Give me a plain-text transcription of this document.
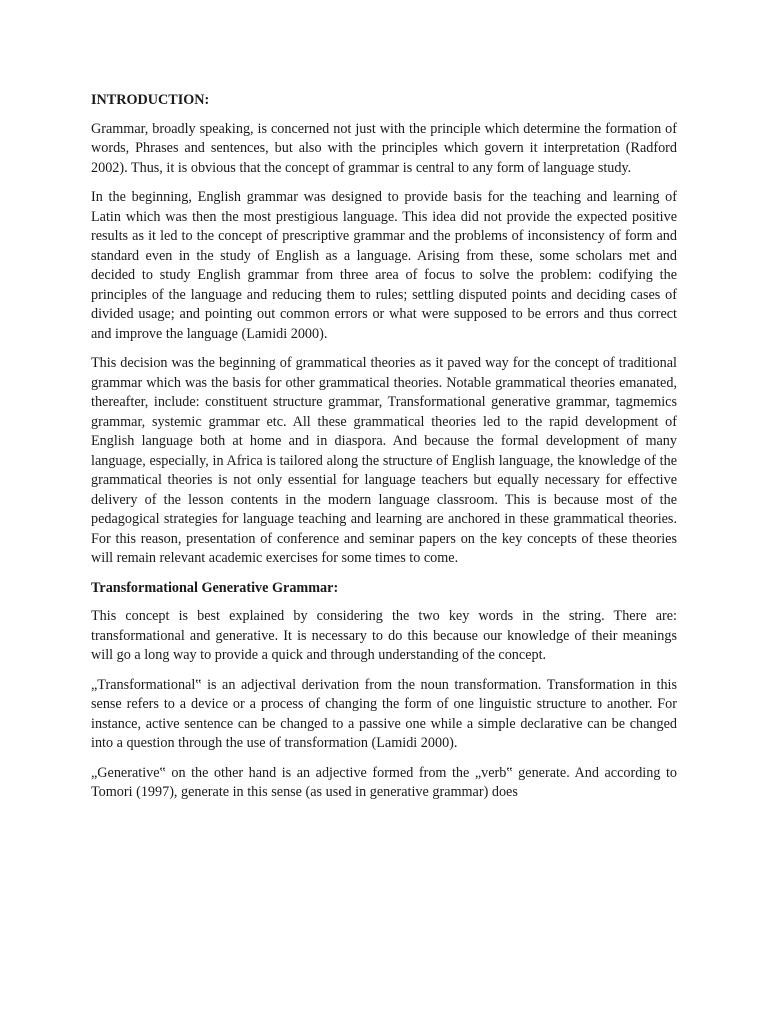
INTRODUCTION:

Grammar, broadly speaking, is concerned not just with the principle which determine the formation of words, Phrases and sentences, but also with the principles which govern it interpretation (Radford 2002). Thus, it is obvious that the concept of grammar is central to any form of language study.

In the beginning, English grammar was designed to provide basis for the teaching and learning of Latin which was then the most prestigious language. This idea did not provide the expected positive results as it led to the concept of prescriptive grammar and the problems of inconsistency of form and standard even in the study of English as a language. Arising from these, some scholars met and decided to study English grammar from three area of focus to solve the problem: codifying the principles of the language and reducing them to rules; settling disputed points and deciding cases of divided usage; and pointing out common errors or what were supposed to be errors and thus correct and improve the language (Lamidi 2000).

This decision was the beginning of grammatical theories as it paved way for the concept of traditional grammar which was the basis for other grammatical theories. Notable grammatical theories emanated, thereafter, include: constituent structure grammar, Transformational generative grammar, tagmemics grammar, systemic grammar etc. All these grammatical theories led to the rapid development of English language both at home and in diaspora. And because the formal development of many language, especially, in Africa is tailored along the structure of English language, the knowledge of the grammatical theories is not only essential for language teachers but equally necessary for effective delivery of the lesson contents in the modern language classroom. This is because most of the pedagogical strategies for language teaching and learning are anchored in these grammatical theories. For this reason, presentation of conference and seminar papers on the key concepts of these theories will remain relevant academic exercises for some times to come.

Transformational Generative Grammar:

This concept is best explained by considering the two key words in the string. There are: transformational and generative. It is necessary to do this because our knowledge of their meanings will go a long way to provide a quick and through understanding of the concept.

„Transformational‟ is an adjectival derivation from the noun transformation. Transformation in this sense refers to a device or a process of changing the form of one linguistic structure to another. For instance, active sentence can be changed to a passive one while a simple declarative can be changed into a question through the use of transformation (Lamidi 2000).

„Generative‟ on the other hand is an adjective formed from the „verb‟ generate. And according to Tomori (1997), generate in this sense (as used in generative grammar) does
